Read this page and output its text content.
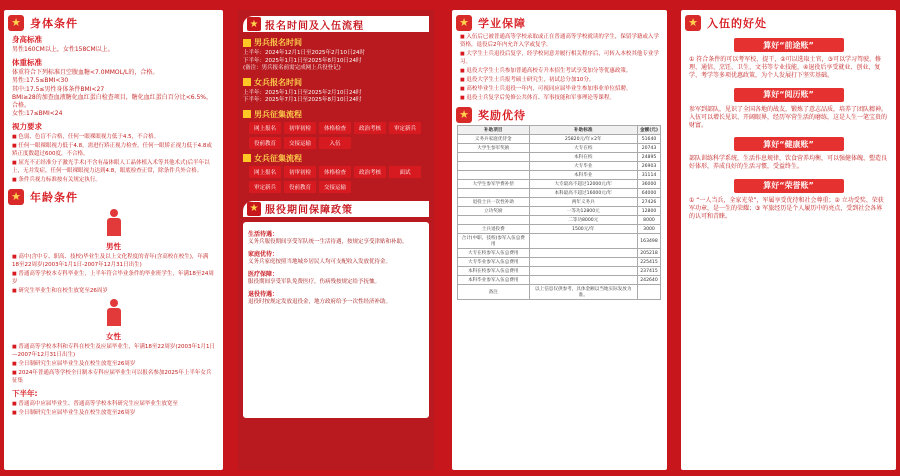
★ 身体条件
身高标准
男性160CM以上，女性158CM以上。
体重标准
体重符合下列标准且空腹血糖<7.0MMOL/L的，合格。
男性:17.5≤BMI<30
其中:17.5≤男性身体条件BMI<27
BMI≥28的加查血液糖化血红蛋白检查项目，糖化血红蛋白百分比<6.5%，合格。
女性:17≤BMI<24
视力要求
■ 色弱、色盲不合格，任何一眼裸眼视力低于4.5，不合格。
■ 任何一眼裸眼视力低于4.8，需进行矫正视力检查，任何一眼矫正视力低于4.8或矫正度数超过600度，不合格。
■ 屈光不正经准分子激光手术(不含有晶体眼人工晶体植入术等其他术式)后半年以上，无并发症，任何一眼裸眼视力达到4.8，眼底检查正常，除条件兵外合格。
■ 条件兵视力标准按有关规定执行。
★ 年龄条件
男性
■ 高中(含中专、职高、技校)毕业生及以上文化程度的青年(含高校在校生)，年满18至22周岁(2003年1月1日-2007年12月31日出生)
■ 普通高等学校本专科毕业生，上半年符合毕业条件的毕业班学生，年满18至24周岁
■ 研究生毕业生和在校生放宽至26周岁
女性
■ 普通高等学校本科和专科在校生及应届毕业生，年满18至22周岁(2003年1月1日—2007年12月31日出生)
■ 全日制研究生应届毕业生及在校生放宽至26周岁
■ 2024年普通高等学校全日制本专科应届毕业生可以报名参加2025年上半年女兵征集
下半年:
■ 普通高中应届毕业生、普通高等学校本科研究生应届毕业生放宽至
■ 全日制研究生应届毕业生及在校生放宽至26周岁
★ 报名时间及入伍流程
男兵报名时间
上半年：2024年12月1日至2025年2月10日24时
下半年：2025年1月1日至2025年8月10日24时
(备注：男兵报名前需完成网上兵役登记)
女兵报名时间
上半年：2025年1月1日至2025年2月10日24时
下半年：2025年7月1日至2025年8月10日24时
男兵征集流程
网上报名	初审初检	体格检查	政治考核	审定新兵
役前教育	交接运输	入伍
女兵征集流程
网上报名	初审初检	体格检查	政治考核	面试
审定新兵	役前教育	交接运输
★ 服役期间保障政策
生活待遇：
义务兵服役期间享受军队统一生活待遇，按规定享受津贴和补助。
家庭优待：
义务兵家庭按照当地城乡居民人均可支配收入发放优待金。
医疗保障：
服役期间享受军队免费医疗，伤病残按规定给予抚恤。
退役待遇：
退役时按规定发放退役金，地方政府给予一次性经济补助。
★ 学业保障
■ 入伍后已被普通高等学校录取或正在普通高等学校就读的学生，保留学籍或入学资格，退役后2年内允许入学或复学。
■ 大学生士兵退役后复学，经学校同意并履行相关程序后，可转入本校其他专业学习。
■ 退役大学生士兵参加普通高校专升本招生考试享受加分等优惠政策。
■ 退役大学生士兵报考硕士研究生，初试总分加10分。
■ 高校毕业生士兵退役一年内，可视同应届毕业生参加事业单位招聘。
■ 退役士兵复学后免修公共体育、军事技能和军事理论等课程。
★ 奖励优待
补助项目	补助标准	金额(元)
义务兵家庭优待金	25820元/年×2年	51640
大学生参军奖励	大专在校	20743
	本科在校	24895
	大专毕业	26903
	本科毕业	31114
大学生参军学费补偿	大专最高不超过12000元/年	36000
	本科最高不超过16000元/年	64000
退役士兵一次性补助	两年义务兵	27426
立功奖励	一等功12800元	12800
	二等功8000元	8000
士兵退役费	1500元/年	3000
合计(中职、技校)参军入伍总费用		163498
大专在校参军入伍总费用		205218
大专毕业参军入伍总费用		225415
本科在校参军入伍总费用		237415
本科毕业参军入伍总费用		242640
备注	以上信息仅供参考，具体金额以当地实际发放为准。	
★ 入伍的好处
算好“前途账”
① 符合条件的可以考军校、提干，②可以选取士官，③可以学习驾驶、修理、通信、烹饪、卫生、文书等专业技能，④退役后享受就业、创业、复学、考学等多项优惠政策，为个人发展打下坚实基础。
算好“阅历账”
参军到部队，见识了全国各地的战友，锻炼了意志品质，培养了团队精神。入伍可以增长见识、开阔眼界，经历军营生活的磨练，这是人生一笔宝贵的财富。
算好“健康账”
部队训练科学系统，生活作息规律，饮食营养均衡，可以强健体魄、塑造良好体形，养成良好的生活习惯，受益终生。
算好“荣誉账”
① “一人当兵，全家光荣”，军属享受优待和社会尊重；② 立功受奖、荣获军功章，是一生的荣耀；③ 军旅经历是个人履历中的亮点，受到社会各界的认可和青睐。
